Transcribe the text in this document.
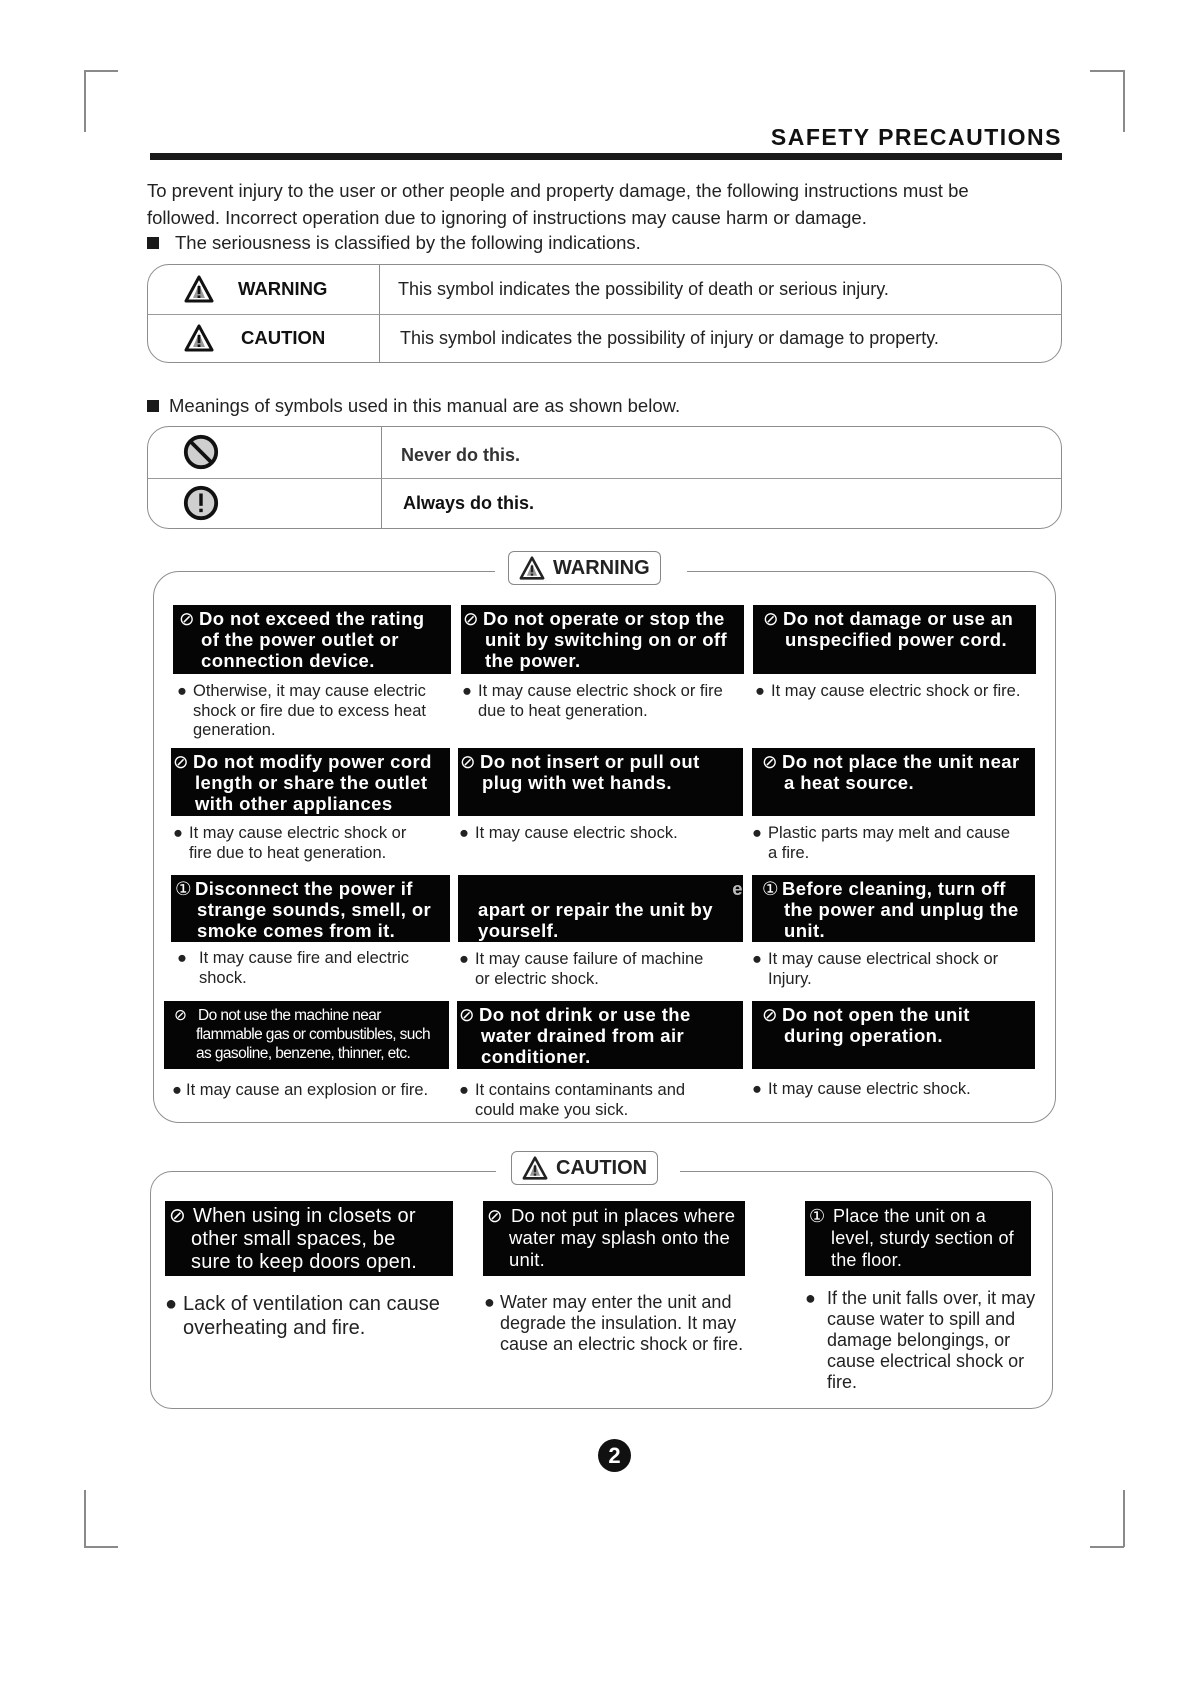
SAFETY PRECAUTIONS
To prevent injury to the user or other people and property damage, the following instructions must be
followed. Incorrect operation due to ignoring of instructions may cause harm or damage.
The seriousness is classified by the following indications.
WARNING	This symbol indicates the possibility of death or serious injury.
CAUTION	This symbol indicates the possibility of injury or damage to property.
Meanings of symbols used in this manual are as shown below.
Never do this.
Always do this.
WARNING
⊘ Do not exceed the rating
of the power outlet or
connection device.
● Otherwise, it may cause electric
shock or fire due to excess heat
generation.
⊘ Do not operate or stop the
unit by switching on or off
the power.
● It may cause electric shock or fire
due to heat generation.
⊘ Do not damage or use an
unspecified power cord.
● It may cause electric shock or fire.
⊘ Do not modify power cord
length or share the outlet
with other appliances
● It may cause electric shock or
fire due to heat generation.
⊘ Do not insert or pull out
plug with wet hands.
● It may cause electric shock.
⊘ Do not place the unit near
a heat source.
● Plastic parts may melt and cause
a fire.
① Disconnect the power if
strange sounds, smell, or
smoke comes from it.
● It may cause fire and electric
shock.
e
apart or repair the unit by
yourself.
● It may cause failure of machine
or electric shock.
① Before cleaning, turn off
the power and unplug the
unit.
● It may cause electrical shock or
Injury.
⊘ Do not use the machine near
flammable gas or combustibles, such
as gasoline, benzene, thinner, etc.
● It may cause an explosion or fire.
⊘ Do not drink or use the
water drained from air
conditioner.
● It contains contaminants and
could make you sick.
⊘ Do not open the unit
during operation.
● It may cause electric shock.
CAUTION
⊘ When using in closets or
other small spaces, be
sure to keep doors open.
● Lack of ventilation can cause
overheating and fire.
⊘ Do not put in places where
water may splash onto the
unit.
● Water may enter the unit and
degrade the insulation. It may
cause an electric shock or fire.
① Place the unit on a
level, sturdy section of
the floor.
● If the unit falls over, it may
cause water to spill and
damage belongings, or
cause electrical shock or
fire.
2
